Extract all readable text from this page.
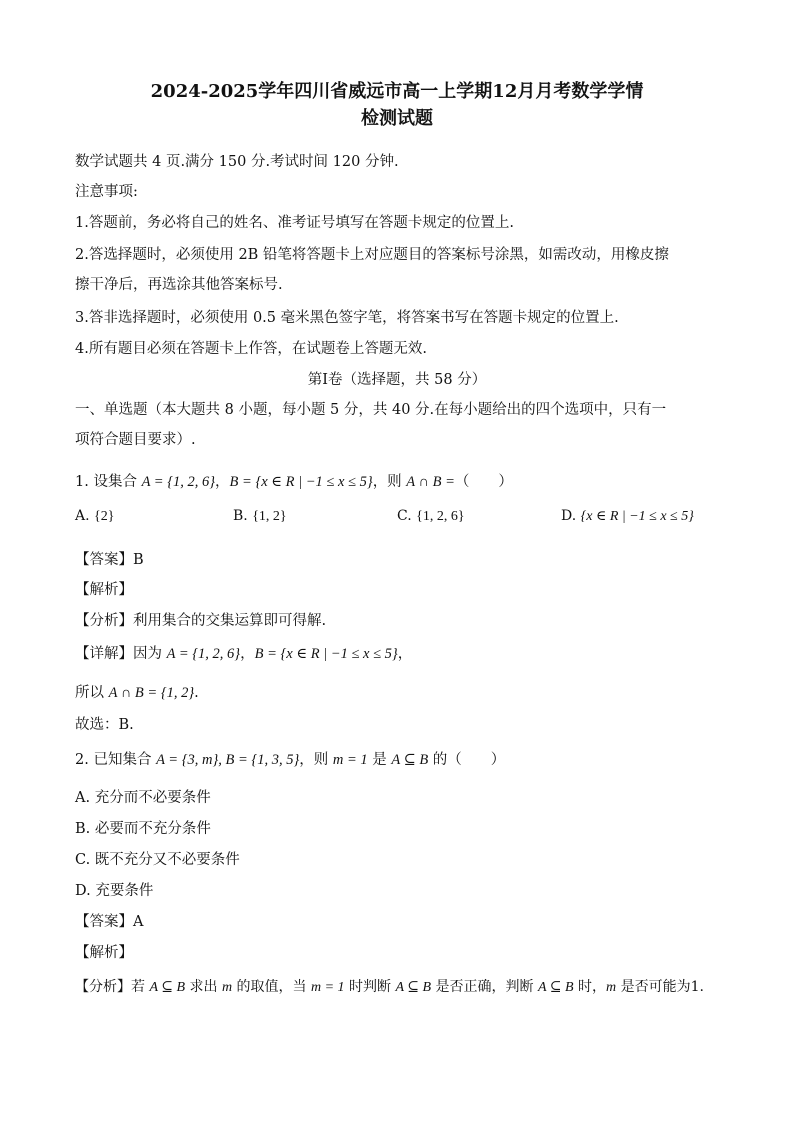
2024-2025学年四川省威远市高一上学期12月月考数学学情
检测试题
数学试题共 4 页.满分 150 分.考试时间 120 分钟.
注意事项:
1.答题前，务必将自己的姓名、准考证号填写在答题卡规定的位置上.
2.答选择题时，必须使用 2B 铅笔将答题卡上对应题目的答案标号涂黑，如需改动，用橡皮擦
擦干净后，再选涂其他答案标号.
3.答非选择题时，必须使用 0.5 毫米黑色签字笔，将答案书写在答题卡规定的位置上.
4.所有题目必须在答题卡上作答，在试题卷上答题无效.
第Ⅰ卷（选择题，共 58 分）
一、单选题（本大题共 8 小题，每小题 5 分，共 40 分.在每小题给出的四个选项中，只有一
项符合题目要求）.
1. 设集合 A = {1, 2, 6}，B = {x ∈ R | −1 ≤ x ≤ 5}，则 A ∩ B =（　　）
A. {2}	B. {1, 2}	C. {1, 2, 6}	D. {x ∈ R | −1 ≤ x ≤ 5}
【答案】B
【解析】
【分析】利用集合的交集运算即可得解.
【详解】因为 A = {1, 2, 6}，B = {x ∈ R | −1 ≤ x ≤ 5}，
所以 A ∩ B = {1, 2}.
故选：B.
2. 已知集合 A = {3, m}, B = {1, 3, 5}，则 m = 1 是 A ⊆ B 的（　　）
A. 充分而不必要条件
B. 必要而不充分条件
C. 既不充分又不必要条件
D. 充要条件
【答案】A
【解析】
【分析】若 A ⊆ B 求出 m 的取值，当 m = 1 时判断 A ⊆ B 是否正确，判断 A ⊆ B 时，m 是否可能为1.
